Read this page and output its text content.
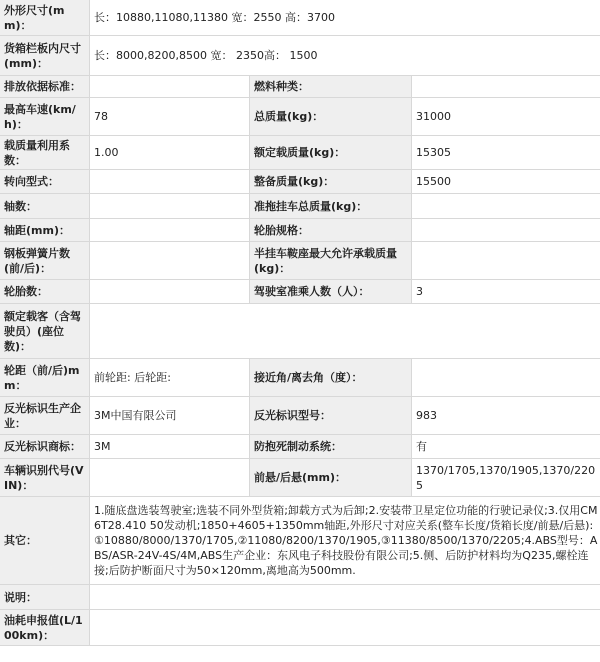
外形尺寸(mm)：	长：10880,11080,11380 宽：2550 高：3700		
货箱栏板内尺寸(mm)：	长：8000,8200,8500 宽： 2350高： 1500		
排放依据标准：		燃料种类：	
最高车速(km/h)：	78	总质量(kg)：	31000
载质量利用系数：	1.00	额定载质量(kg)：	15305
转向型式：		整备质量(kg)：	15500
轴数：		准拖挂车总质量(kg)：	
轴距(mm)：		轮胎规格：	
钢板弹簧片数(前/后)：		半挂车鞍座最大允许承载质量(kg)：	
轮胎数：		驾驶室准乘人数（人）：	3
额定载客（含驾驶员）(座位数)：			
轮距（前/后)mm：	前轮距: 后轮距:	接近角/离去角（度）：	
反光标识生产企业：	3M中国有限公司	反光标识型号：	983
反光标识商标：	3M	防抱死制动系统：	有
车辆识别代号(VIN)：		前悬/后悬(mm)：	1370/1705,1370/1905,1370/2205
其它：	1.随底盘选装驾驶室;选装不同外型货箱;卸载方式为后卸;2.安装带卫星定位功能的行驶记录仪;3.仅用CM6T28.410 50发动机;1850+4605+1350mm轴距,外形尺寸对应关系(整车长度/货箱长度/前悬/后悬):①10880/8000/1370/1705,②11080/8200/1370/1905,③11380/8500/1370/2205;4.ABS型号：ABS/ASR-24V-4S/4M,ABS生产企业：东风电子科技股份有限公司;5.侧、后防护材料均为Q235,螺栓连接;后防护断面尺寸为50×120mm,离地高为500mm.		
说明：			
油耗申报值(L/100km)：			
